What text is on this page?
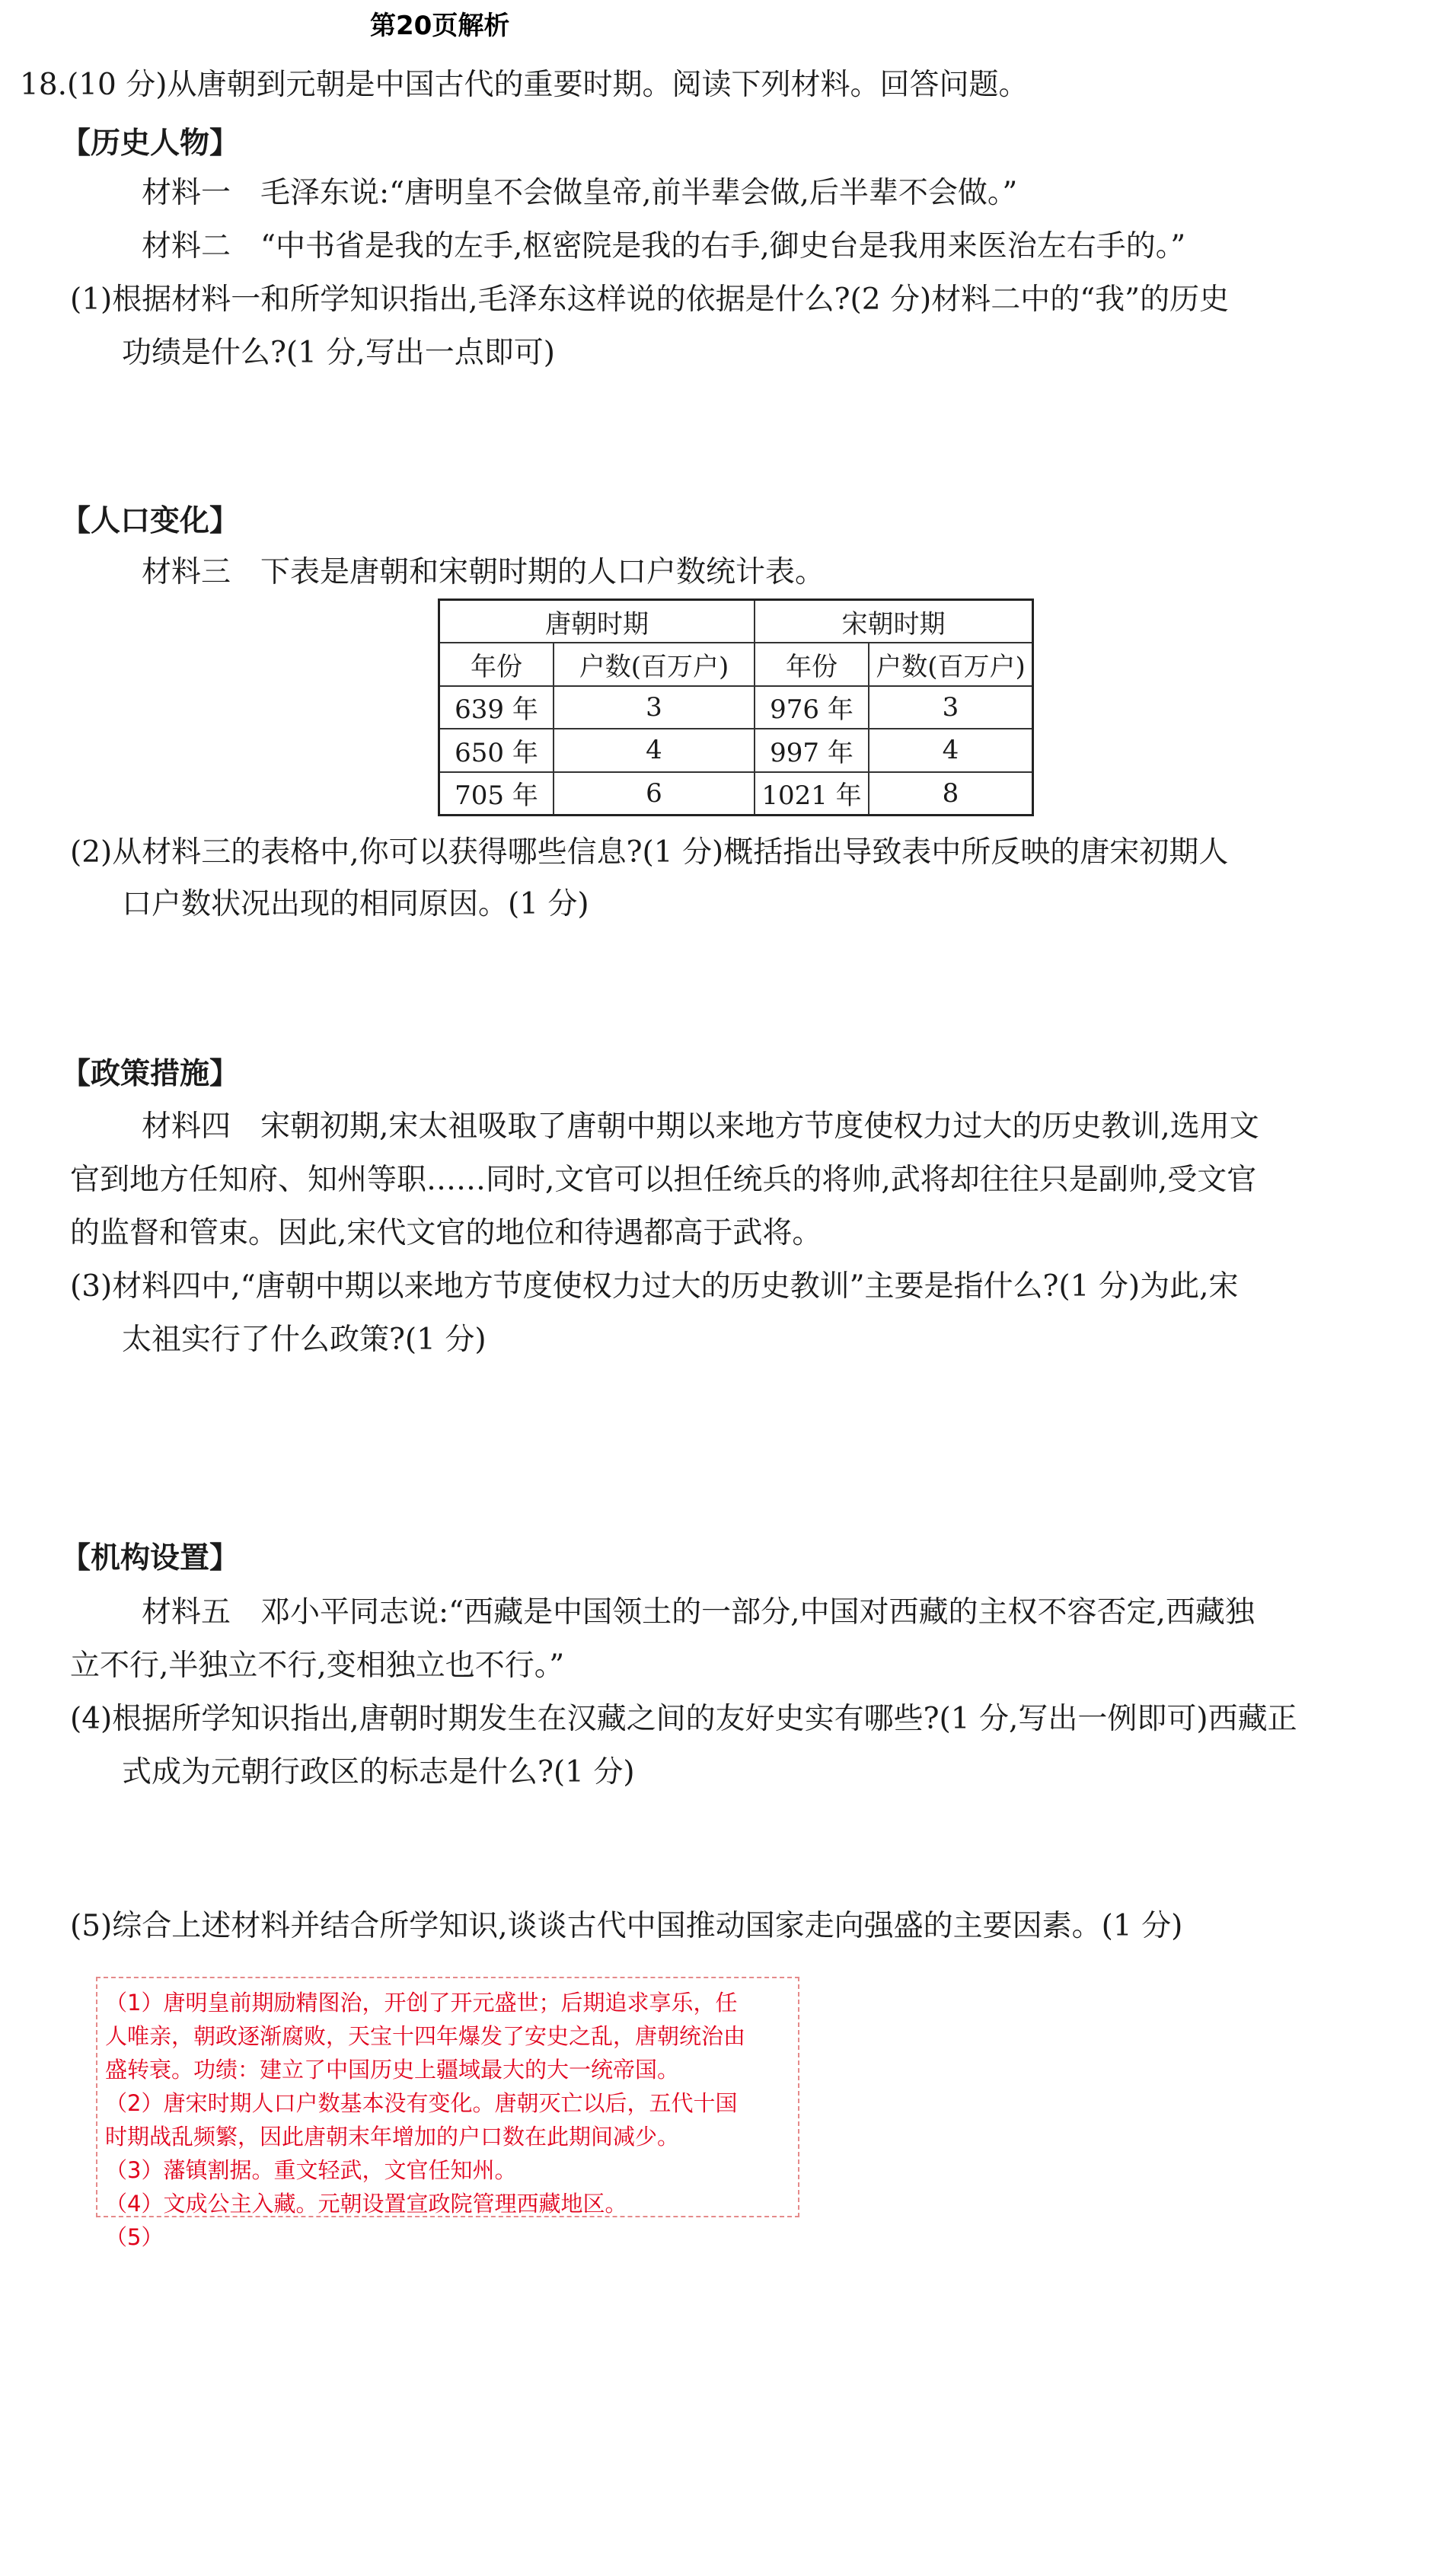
第20页解析
18.(10 分)从唐朝到元朝是中国古代的重要时期。阅读下列材料。回答问题。
【历史人物】
材料一　毛泽东说:“唐明皇不会做皇帝,前半辈会做,后半辈不会做。”
材料二　“中书省是我的左手,枢密院是我的右手,御史台是我用来医治左右手的。”
(1)根据材料一和所学知识指出,毛泽东这样说的依据是什么?(2 分)材料二中的“我”的历史
功绩是什么?(1 分,写出一点即可)
【人口变化】
材料三　下表是唐朝和宋朝时期的人口户数统计表。
唐朝时期		宋朝时期	
年份	户数(百万户)	年份	户数(百万户)
639 年	3	976 年	3
650 年	4	997 年	4
705 年	6	1021 年	8
(2)从材料三的表格中,你可以获得哪些信息?(1 分)概括指出导致表中所反映的唐宋初期人
口户数状况出现的相同原因。(1 分)
【政策措施】
材料四　宋朝初期,宋太祖吸取了唐朝中期以来地方节度使权力过大的历史教训,选用文
官到地方任知府、知州等职……同时,文官可以担任统兵的将帅,武将却往往只是副帅,受文官
的监督和管束。因此,宋代文官的地位和待遇都高于武将。
(3)材料四中,“唐朝中期以来地方节度使权力过大的历史教训”主要是指什么?(1 分)为此,宋
太祖实行了什么政策?(1 分)
【机构设置】
材料五　邓小平同志说:“西藏是中国领土的一部分,中国对西藏的主权不容否定,西藏独
立不行,半独立不行,变相独立也不行。”
(4)根据所学知识指出,唐朝时期发生在汉藏之间的友好史实有哪些?(1 分,写出一例即可)西藏正
式成为元朝行政区的标志是什么?(1 分)
(5)综合上述材料并结合所学知识,谈谈古代中国推动国家走向强盛的主要因素。(1 分)
（1）唐明皇前期励精图治，开创了开元盛世；后期追求享乐，任
人唯亲，朝政逐渐腐败，天宝十四年爆发了安史之乱，唐朝统治由
盛转衰。功绩：建立了中国历史上疆域最大的大一统帝国。
（2）唐宋时期人口户数基本没有变化。唐朝灭亡以后，五代十国
时期战乱频繁，因此唐朝末年增加的户口数在此期间减少。
（3）藩镇割据。重文轻武，文官任知州。
（4）文成公主入藏。元朝设置宣政院管理西藏地区。
（5）
